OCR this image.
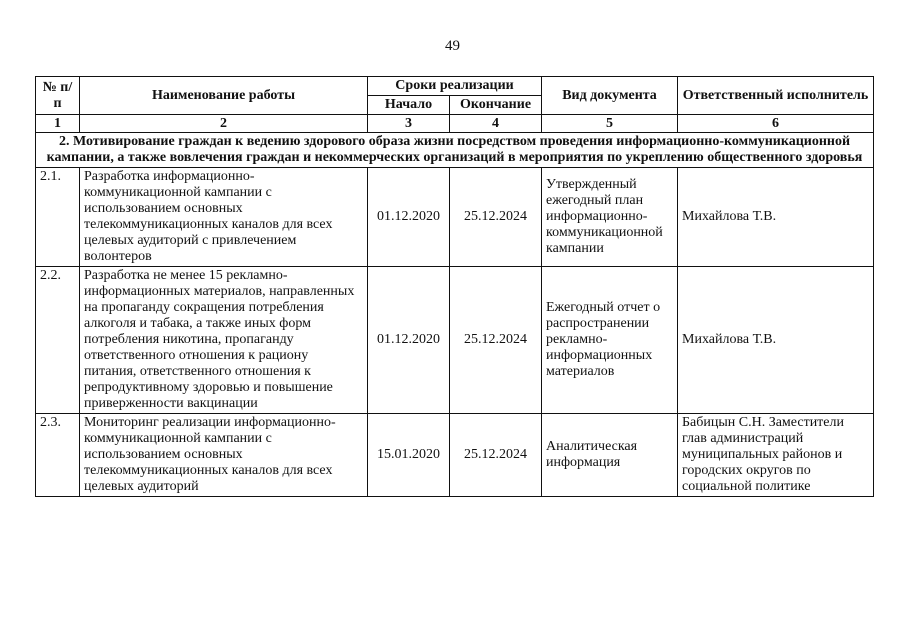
49
№ п/п	Наименование работы	Сроки реализации		Вид документа	Ответственный исполнитель
		Начало	Окончание		
1	2	3	4	5	6
2. Мотивирование граждан к ведению здорового образа жизни посредством проведения информационно-коммуникационной кампании, а также вовлечения граждан и некоммерческих организаций в мероприятия по укреплению общественного здоровья					
2.1.	Разработка информационно-коммуникационной кампании с использованием основных телекоммуникационных каналов для всех целевых аудиторий с привлечением волонтеров	01.12.2020	25.12.2024	Утвержденный ежегодный план информационно-коммуникационной кампании	Михайлова Т.В.
2.2.	Разработка не менее 15 рекламно-информационных материалов, направленных на пропаганду сокращения потребления алкоголя и табака, а также иных форм потребления никотина, пропаганду ответственного отношения к рациону питания, ответственного отношения к репродуктивному здоровью и повышение приверженности вакцинации	01.12.2020	25.12.2024	Ежегодный отчет о распространении рекламно-информационных материалов	Михайлова Т.В.
2.3.	Мониторинг реализации информационно-коммуникационной кампании с использованием основных телекоммуникационных каналов для всех целевых аудиторий	15.01.2020	25.12.2024	Аналитическая информация	Бабицын С.Н. Заместители глав администраций муниципальных районов и городских округов по социальной политике
